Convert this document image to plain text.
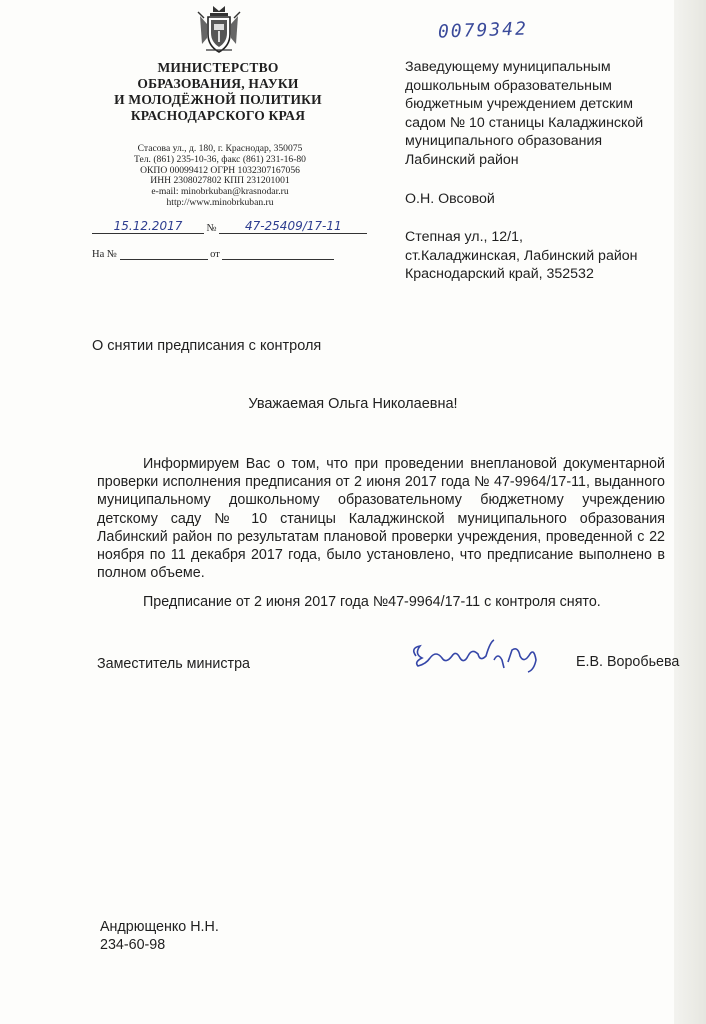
МИНИСТЕРСТВО
ОБРАЗОВАНИЯ, НАУКИ
И МОЛОДЁЖНОЙ ПОЛИТИКИ
КРАСНОДАРСКОГО КРАЯ
Стасова ул., д. 180, г. Краснодар, 350075
Тел. (861) 235-10-36, факс (861) 231-16-80
ОКПО 00099412 ОГРН 1032307167056
ИНН 2308027802 КПП 231201001
e-mail: minobrkuban@krasnodar.ru
http://www.minobrkuban.ru
0079342
15.12.2017 № 47-25409/17-11
На №	от
Заведующему муниципальным
дошкольным образовательным
бюджетным учреждением детским
садом № 10 станицы Каладжинской
муниципального образования
Лабинский район
О.Н. Овсовой
Степная ул., 12/1,
ст.Каладжинская, Лабинский район
Краснодарский край, 352532
О снятии предписания с контроля
Уважаемая Ольга Николаевна!
Информируем Вас о том, что при проведении внеплановой документарной проверки исполнения предписания от 2 июня 2017 года № 47-9964/17-11, выданного муниципальному дошкольному образовательному бюджетному учреждению детскому саду № 10 станицы Каладжинской муниципального образования Лабинский район по результатам плановой проверки учреждения, проведенной с 22 ноября по 11 декабря 2017 года, было установлено, что предписание выполнено в полном объеме.
Предписание от 2 июня 2017 года №47-9964/17-11 с контроля снято.
Заместитель министра	Е.В. Воробьева
Андрющенко Н.Н.
234-60-98
